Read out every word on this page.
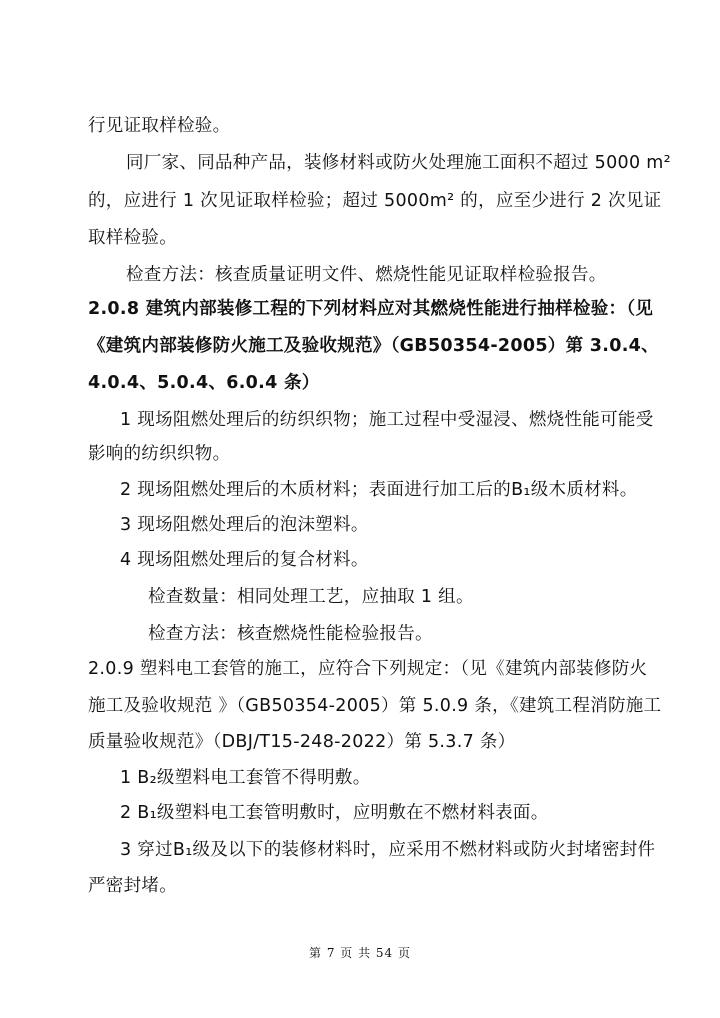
行见证取样检验。
同厂家、同品种产品，装修材料或防火处理施工面积不超过 5000 m²
的，应进行 1 次见证取样检验；超过 5000m² 的，应至少进行 2 次见证
取样检验。
检查方法：核查质量证明文件、燃烧性能见证取样检验报告。
2.0.8 建筑内部装修工程的下列材料应对其燃烧性能进行抽样检验：（见
《建筑内部装修防火施工及验收规范》（GB50354-2005）第 3.0.4、
4.0.4、5.0.4、6.0.4 条）
1 现场阻燃处理后的纺织织物；施工过程中受湿浸、燃烧性能可能受
影响的纺织织物。
2 现场阻燃处理后的木质材料；表面进行加工后的B₁级木质材料。
3 现场阻燃处理后的泡沫塑料。
4 现场阻燃处理后的复合材料。
检查数量：相同处理工艺，应抽取 1 组。
检查方法：核查燃烧性能检验报告。
2.0.9 塑料电工套管的施工，应符合下列规定：（见《建筑内部装修防火
施工及验收规范 》（GB50354-2005）第 5.0.9 条，《建筑工程消防施工
质量验收规范》（DBJ/T15-248-2022）第 5.3.7 条）
1 B₂级塑料电工套管不得明敷。
2 B₁级塑料电工套管明敷时，应明敷在不燃材料表面。
3 穿过B₁级及以下的装修材料时，应采用不燃材料或防火封堵密封件
严密封堵。
第 7 页 共 54 页
